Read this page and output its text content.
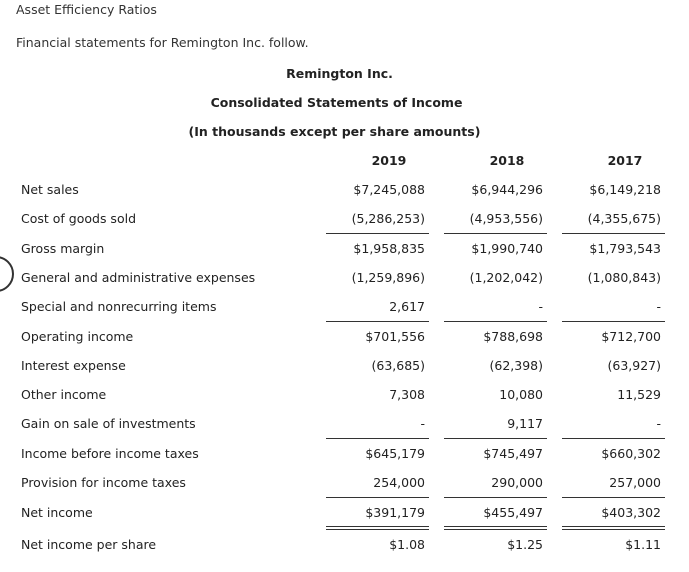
Asset Efficiency Ratios
Financial statements for Remington Inc. follow.
Remington Inc.
Consolidated Statements of Income
(In thousands except per share amounts)
2019	2018	2017
Net sales	$7,245,088	$6,944,296	$6,149,218
Cost of goods sold	(5,286,253)	(4,953,556)	(4,355,675)
Gross margin	$1,958,835	$1,990,740	$1,793,543
General and administrative expenses	(1,259,896)	(1,202,042)	(1,080,843)
Special and nonrecurring items	2,617	-	-
Operating income	$701,556	$788,698	$712,700
Interest expense	(63,685)	(62,398)	(63,927)
Other income	7,308	10,080	11,529
Gain on sale of investments	-	9,117	-
Income before income taxes	$645,179	$745,497	$660,302
Provision for income taxes	254,000	290,000	257,000
Net income	$391,179	$455,497	$403,302
Net income per share	$1.08	$1.25	$1.11
